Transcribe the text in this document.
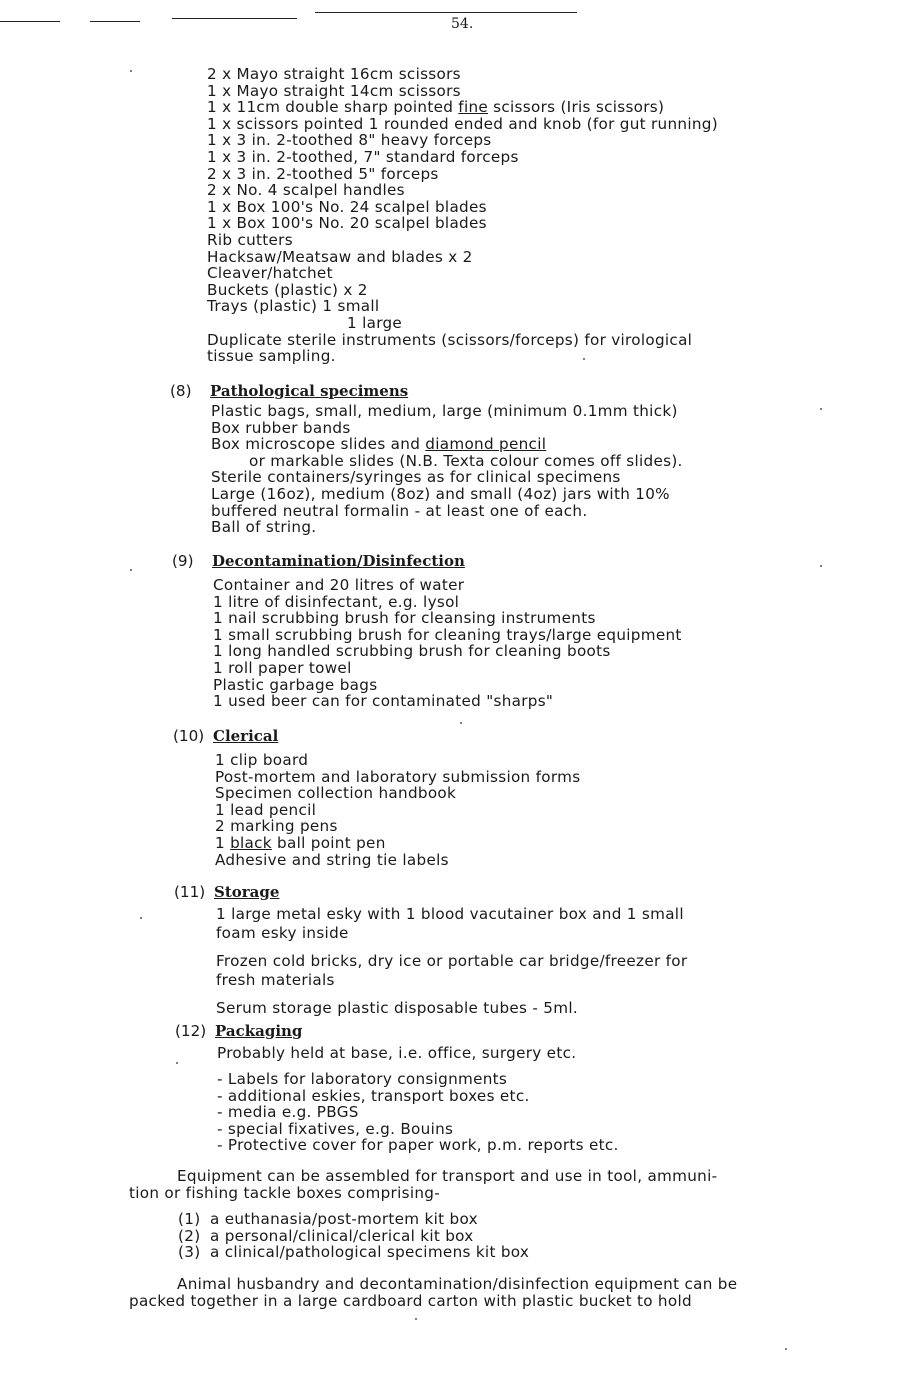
54.
2 x Mayo straight 16cm scissors
1 x Mayo straight 14cm scissors
1 x 11cm double sharp pointed fine scissors (Iris scissors)
1 x scissors pointed 1 rounded ended and knob (for gut running)
1 x 3 in. 2-toothed 8" heavy forceps
1 x 3 in. 2-toothed, 7" standard forceps
2 x 3 in. 2-toothed 5" forceps
2 x No. 4 scalpel handles
1 x Box 100's No. 24 scalpel blades
1 x Box 100's No. 20 scalpel blades
Rib cutters
Hacksaw/Meatsaw and blades x 2
Cleaver/hatchet
Buckets (plastic) x 2
Trays (plastic) 1 small
1 large
Duplicate sterile instruments (scissors/forceps) for virological
tissue sampling.
(8) Pathological specimens
Plastic bags, small, medium, large (minimum 0.1mm thick)
Box rubber bands
Box microscope slides and diamond pencil
or markable slides (N.B. Texta colour comes off slides).
Sterile containers/syringes as for clinical specimens
Large (16oz), medium (8oz) and small (4oz) jars with 10%
buffered neutral formalin - at least one of each.
Ball of string.
(9) Decontamination/Disinfection
Container and 20 litres of water
1 litre of disinfectant, e.g. lysol
1 nail scrubbing brush for cleansing instruments
1 small scrubbing brush for cleaning trays/large equipment
1 long handled scrubbing brush for cleaning boots
1 roll paper towel
Plastic garbage bags
1 used beer can for contaminated "sharps"
(10) Clerical
1 clip board
Post-mortem and laboratory submission forms
Specimen collection handbook
1 lead pencil
2 marking pens
1 black ball point pen
Adhesive and string tie labels
(11) Storage
1 large metal esky with 1 blood vacutainer box and 1 small
foam esky inside
Frozen cold bricks, dry ice or portable car bridge/freezer for
fresh materials
Serum storage plastic disposable tubes - 5ml.
(12) Packaging
Probably held at base, i.e. office, surgery etc.
- Labels for laboratory consignments
- additional eskies, transport boxes etc.
- media e.g. PBGS
- special fixatives, e.g. Bouins
- Protective cover for paper work, p.m. reports etc.
Equipment can be assembled for transport and use in tool, ammuni-
tion or fishing tackle boxes comprising-
(1) a euthanasia/post-mortem kit box
(2) a personal/clinical/clerical kit box
(3) a clinical/pathological specimens kit box
Animal husbandry and decontamination/disinfection equipment can be
packed together in a large cardboard carton with plastic bucket to hold
